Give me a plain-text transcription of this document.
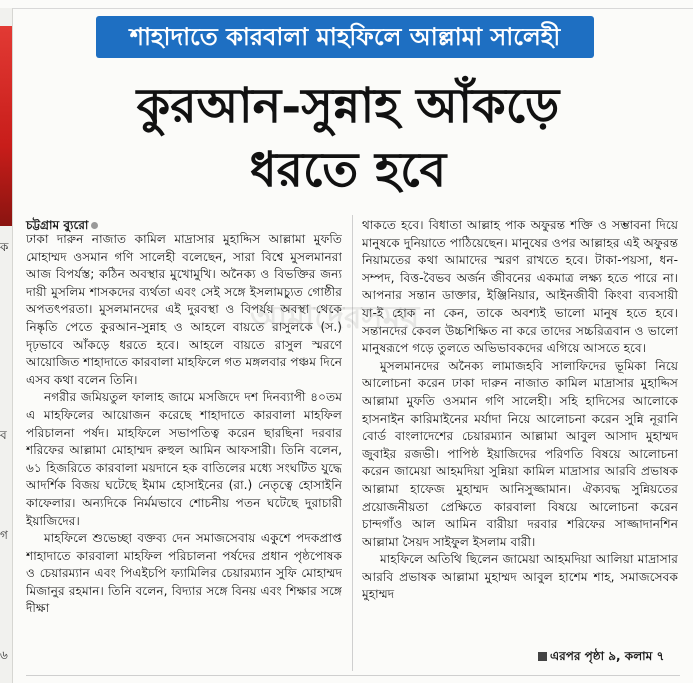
ক
ব
গ
৬
শাহাদাতে কারবালা মাহফিলে আল্লামা সালেহী
কুরআন-সুন্নাহ আঁকড়ে
ধরতে হবে
চট্টগ্রাম ব্যুরো

ঢাকা দারুন নাজাত কামিল মাদ্রাসার মুহাদ্দিস আল্লামা মুফতি মোহাম্মদ ওসমান গণি সালেহী বলেছেন, সারা বিশ্বে মুসলমানরা আজ বিপর্যস্ত; কঠিন অবস্থার মুখোমুখি। অনৈক্য ও বিভক্তির জন্য দায়ী মুসলিম শাসকদের ব্যর্থতা এবং সেই সঙ্গে ইসলামচ্যুত গোষ্ঠীর অপতৎপরতা। মুসলমানদের এই দুরবস্থা ও বিপর্যয় অবস্থা থেকে নিষ্কৃতি পেতে কুরআন-সুন্নাহ ও আহলে বায়তে রাসুলকে (স.) দৃঢ়ভাবে আঁকড়ে ধরতে হবে। আহলে বায়তে রাসুল স্মরণে আয়োজিত শাহাদাতে কারবালা মাহফিলে গত মঙ্গলবার পঞ্চম দিনে এসব কথা বলেন তিনি।

নগরীর জমিয়তুল ফালাহ জামে মসজিদে দশ দিনব্যাপী ৪০তম এ মাহফিলের আয়োজন করেছে শাহাদাতে কারবালা মাহফিল পরিচালনা পর্ষদ। মাহফিলে সভাপতিত্ব করেন ছারছিনা দরবার শরিফের আল্লামা মোহাম্মদ রুহুল আমিন আফসারী। তিনি বলেন, ৬১ হিজরিতে কারবালা ময়দানে হক বাতিলের মধ্যে সংঘটিত যুদ্ধে আদর্শিক বিজয় ঘটেছে ইমাম হোসাইনের (রা.) নেতৃত্বে হোসাইনি কাফেলার। অন্যদিকে নির্মমভাবে শোচনীয় পতন ঘটেছে দুরাচারী ইয়াজিদের।

মাহফিলে শুভেচ্ছা বক্তব্য দেন সমাজসেবায় একুশে পদকপ্রাপ্ত শাহাদাতে কারবালা মাহফিল পরিচালনা পর্ষদের প্রধান পৃষ্ঠপোষক ও চেয়ারম্যান এবং পিএইচপি ফ্যামিলির চেয়ারম্যান সুফি মোহাম্মদ মিজানুর রহমান। তিনি বলেন, বিদ্যার সঙ্গে বিনয় এবং শিক্ষার সঙ্গে দীক্ষা

থাকতে হবে। বিধাতা আল্লাহ পাক অফুরন্ত শক্তি ও সম্ভাবনা দিয়ে মানুষকে দুনিয়াতে পাঠিয়েছেন। মানুষের ওপর আল্লাহর এই অফুরন্ত নিয়ামতের কথা আমাদের স্মরণ রাখতে হবে। টাকা-পয়সা, ধন-সম্পদ, বিত্ত-বৈভব অর্জন জীবনের একমাত্র লক্ষ্য হতে পারে না। আপনার সন্তান ডাক্তার, ইঞ্জিনিয়ার, আইনজীবী কিংবা ব্যবসায়ী যা-ই হোক না কেন, তাকে অবশ্যই ভালো মানুষ হতে হবে। সন্তানদের কেবল উচ্চশিক্ষিত না করে তাদের সচ্চরিত্রবান ও ভালো মানুষরূপে গড়ে তুলতে অভিভাবকদের এগিয়ে আসতে হবে।

মুসলমানদের অনৈক্য লামাজহবি সালাফিদের ভূমিকা নিয়ে আলোচনা করেন ঢাকা দারুন নাজাত কামিল মাদ্রাসার মুহাদ্দিস আল্লামা মুফতি ওসমান গণি সালেহী। সহি হাদিসের আলোকে হাসনাইন কারিমাইনের মর্যাদা নিয়ে আলোচনা করেন সুন্নি নূরানি বোর্ড বাংলাদেশের চেয়ারম্যান আল্লামা আবুল আসাদ মুহাম্মদ জুবাইর রজভী। পাপিষ্ঠ ইয়াজিদের পরিণতি বিষয়ে আলোচনা করেন জামেয়া আহমদিয়া সুন্নিয়া কামিল মাদ্রাসার আরবি প্রভাষক আল্লামা হাফেজ মুহাম্মদ আনিসুজ্জামান। ঐক্যবদ্ধ সুন্নিয়তের প্রয়োজনীয়তা প্রেক্ষিতে কারবালা বিষয়ে আলোচনা করেন চান্দগাঁও আল আমিন বারীয়া দরবার শরিফের সাজ্জাদানশিন আল্লামা সৈয়দ সাইফুল ইসলাম বারী।

মাহফিলে অতিথি ছিলেন জামেয়া আহমদিয়া আলিয়া মাদ্রাসার আরবি প্রভাষক আল্লামা মুহাম্মদ আবুল হাশেম শাহ, সমাজসেবক মুহাম্মদ

আমাদেরসময়
এরপর পৃষ্ঠা ৯, কলাম ৭
